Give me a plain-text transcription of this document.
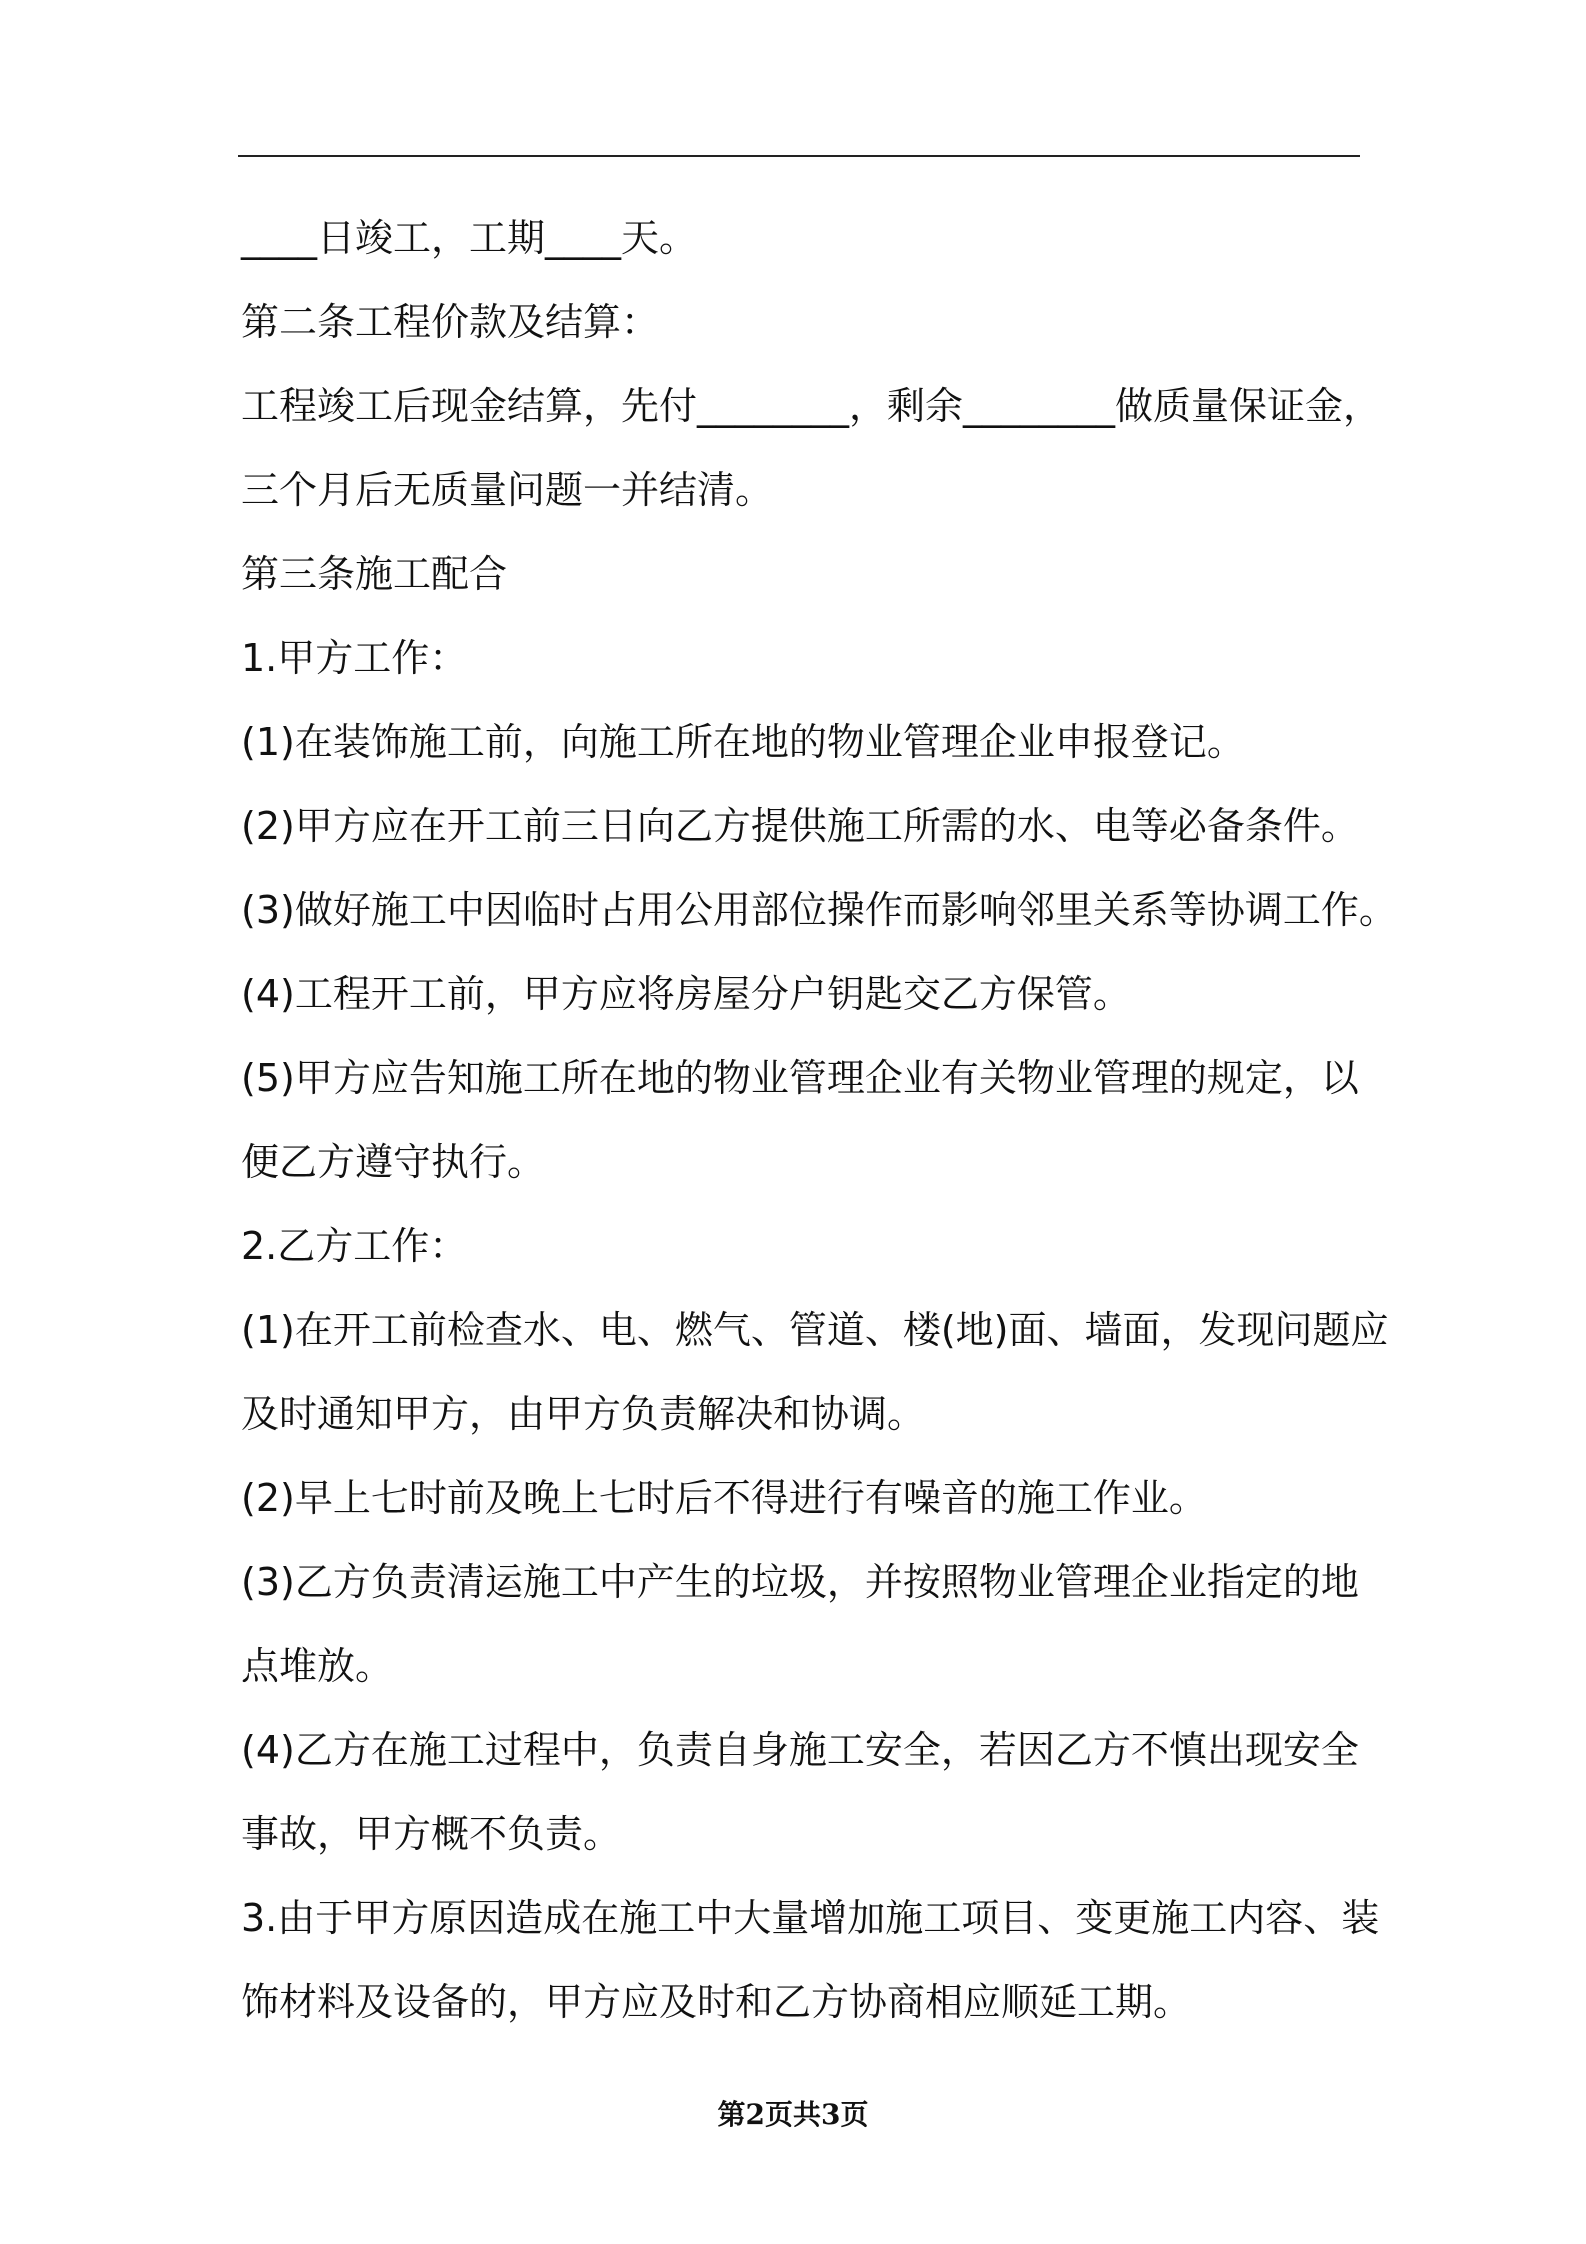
____日竣工，工期____天。
第二条工程价款及结算：
工程竣工后现金结算，先付________，剩余________做质量保证金，
三个月后无质量问题一并结清。
第三条施工配合
1.甲方工作：
(1)在装饰施工前，向施工所在地的物业管理企业申报登记。
(2)甲方应在开工前三日向乙方提供施工所需的水、电等必备条件。
(3)做好施工中因临时占用公用部位操作而影响邻里关系等协调工作。
(4)工程开工前，甲方应将房屋分户钥匙交乙方保管。
(5)甲方应告知施工所在地的物业管理企业有关物业管理的规定，以
便乙方遵守执行。
2.乙方工作：
(1)在开工前检查水、电、燃气、管道、楼(地)面、墙面，发现问题应
及时通知甲方，由甲方负责解决和协调。
(2)早上七时前及晚上七时后不得进行有噪音的施工作业。
(3)乙方负责清运施工中产生的垃圾，并按照物业管理企业指定的地
点堆放。
(4)乙方在施工过程中，负责自身施工安全，若因乙方不慎出现安全
事故，甲方概不负责。
3.由于甲方原因造成在施工中大量增加施工项目、变更施工内容、装
饰材料及设备的，甲方应及时和乙方协商相应顺延工期。
第2页共3页
